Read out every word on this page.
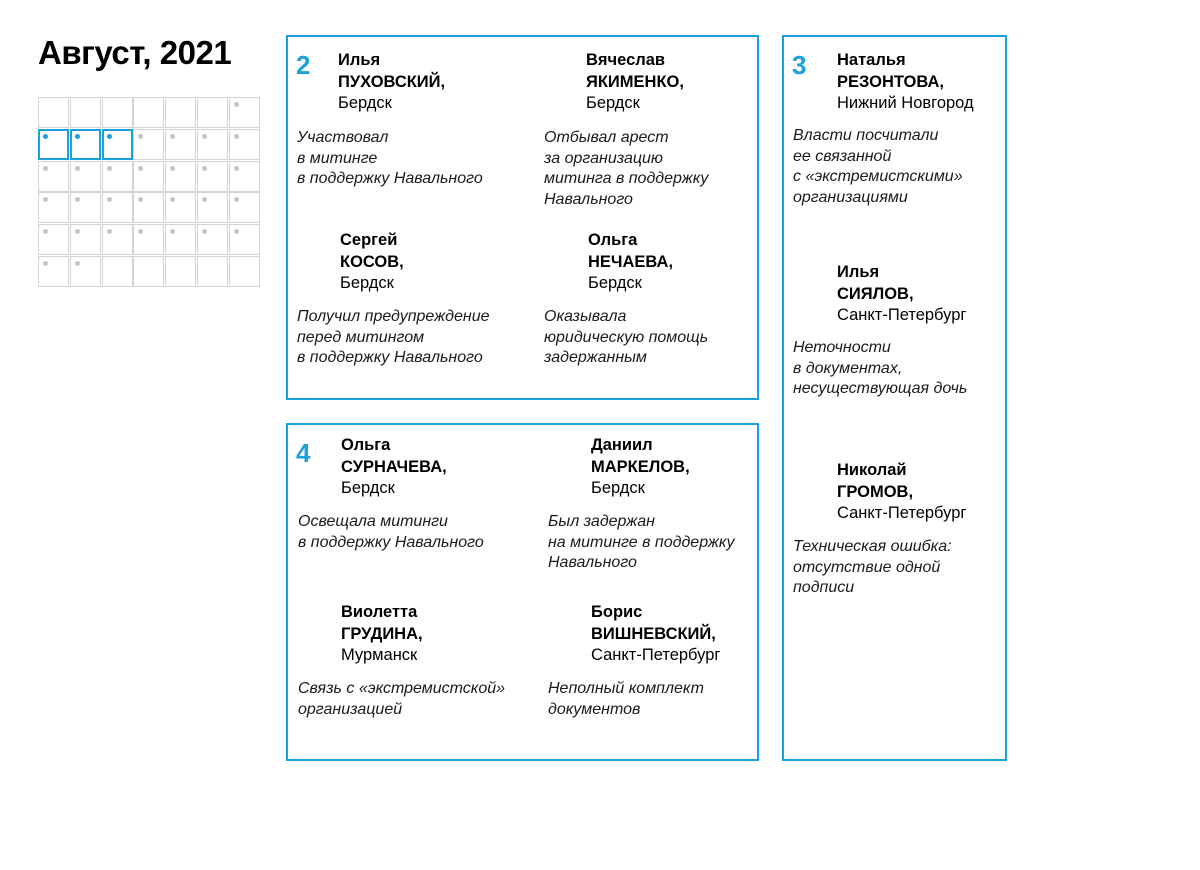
Август, 2021 2 Илья
ПУХОВСКИЙ,
Бердск
Участвовал
в митинге
в поддержку Навального
Вячеслав
ЯКИМЕНКО,
Бердск
Отбывал арест
за организацию
митинга в поддержку
Навального
Сергей
КОСОВ,
Бердск
Получил предупреждение
перед митингом
в поддержку Навального
Ольга
НЕЧАЕВА,
Бердск
Оказывала
юридическую помощь
задержанным
4 Ольга
СУРНАЧЕВА,
Бердск
Освещала митинги
в поддержку Навального
Даниил
МАРКЕЛОВ,
Бердск
Был задержан
на митинге в поддержку
Навального
Виолетта
ГРУДИНА,
Мурманск
Связь с «экстремистской»
организацией
Борис
ВИШНЕВСКИЙ,
Санкт-Петербург
Неполный комплект
документов
3 Наталья
РЕЗОНТОВА,
Нижний Новгород
Власти посчитали
ее связанной
с «экстремистскими»
организациями
Илья
СИЯЛОВ,
Санкт-Петербург
Неточности
в документах,
несуществующая дочь
Николай
ГРОМОВ,
Санкт-Петербург
Техническая ошибка:
отсутствие одной
подписи
